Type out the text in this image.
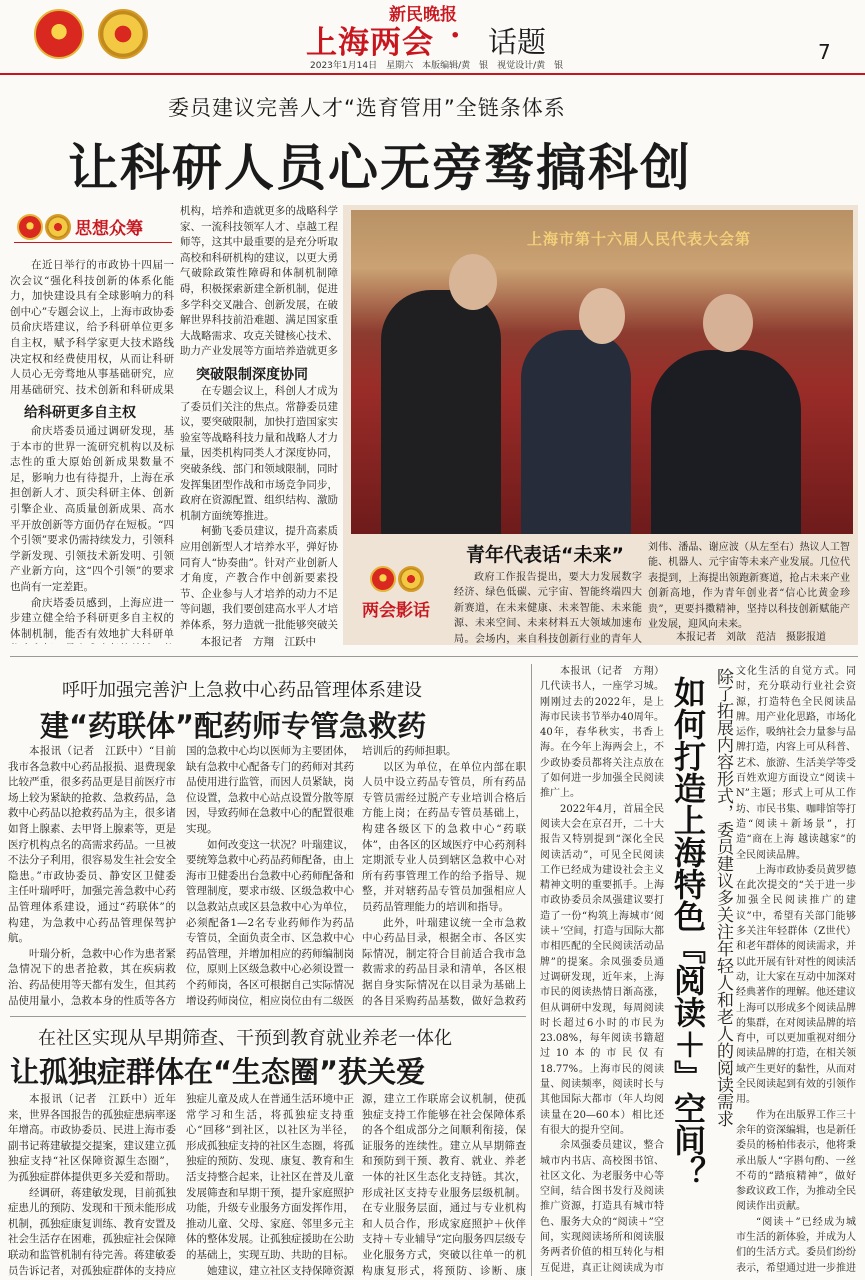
新民晚报
上海两会 · 话题	7
2023年1月14日　星期六　本版编辑/黄　银　视觉设计/黄　银
委员建议完善人才“选育管用”全链条体系
让科研人员心无旁骛搞科创
思想众筹

在近日举行的市政协十四届一次会议“强化科技创新的体系化能力，加快建设具有全球影响力的科创中心”专题会议上，上海市政协委员俞庆塔建议，给予科研单位更多自主权，赋予科学家更大技术路线决定权和经费使用权，从而让科研人员心无旁骛地从事基础研究，应用基础研究、技术创新和科研成果

给科研更多自主权

俞庆塔委员通过调研发现，基于本市的世界一流研究机构以及标志性的重大原始创新成果数量不足，影响力也有待提升，上海在承担创新人才、顶尖科研主体、创新引擎企业、高质量创新成果、高水平开放创新等方面仍存在短板。“四个引领”要求仍需持续发力，引领科学新发现、引领技术新发明、引领产业新方向，这“四个引领”的要求也尚有一定差距。

俞庆塔委员感到，上海应进一步建立健全给予科研更多自主权的体制机制，能否有效地扩大科研单

机构，培养和造就更多的战略科学家、一流科技领军人才、卓越工程师等，这其中最重要的是充分听取高校和科研机构的建议，以更大勇气破除政策性障碍和体制机制障碍，积极探索新建全新机制，促进多学科交叉融合、创新发展，在破解世界科技前沿难题、满足国家重大战略需求、攻克关键核心技术、助力产业发展等方面培养造就更多

突破限制深度协同

在专题会议上，科创人才成为了委员们关注的焦点。常静委员建议，要突破限制，加快打造国家实验室等战略科技力量和战略人才力量，因类机构同类人才深度协同，突破条线、部门和领域限制，同时发挥集团型作战和市场竞争同步，政府在资源配置、组织结构、激励机制方面统筹推进。

柯勤飞委员建议，提升高素质应用创新型人才培养水平，弹好协同育人“协奏曲”。针对产业创新人才角度，产教合作中创新要素投节、企业参与人才培养的动力不足等问题，我们要创建高水平人才培养体系，努力造就一批能够突破关

本报记者　方翔　江跃中
上海市第十六届人民代表大会第
青年代表话“未来”
两会影话
政府工作报告提出，要大力发展数字经济、绿色低碳、元宇宙、智能终端四大新赛道，在未来健康、未来智能、未来能源、未来空间、未来材料五大领域加速布局。会场内，来自科技创新行业的青年人
刘伟、潘晶、谢应波（从左至右）热议人工智能、机器人、元宇宙等未来产业发展。几位代表提到，上海提出领跑新赛道，抢占未来产业创新高地，作为青年创业者“信心比黄金珍贵”，更要抖擞精神，坚持以科技创新赋能产业发展，迎风向未来。
本报记者　刘歆　范洁　摄影报道
呼吁加强完善沪上急救中心药品管理体系建设
建“药联体”配药师专管急救药

本报讯（记者　江跃中）“目前我市各急救中心药品报损、退费现象比较严重，很多药品更是目前医疗市场上较为紧缺的抢救、急救药品，急救中心药品以抢救药品为主，很多诸如肾上腺素、去甲肾上腺素等，更是医疗机构点名的高需求药品。一旦被不法分子利用，很容易发生社会安全隐患。”市政协委员、静安区卫健委主任叶瑞呼吁，加强完善急救中心药品管理体系建设，通过“药联体”的构建，为急救中心药品管理保驾护航。

叶瑞分析，急救中心作为患者紧急情况下的患者抢救，其在疾病救治、药品使用等天都有发生，但其药品使用量小，急救本身的性质等各方

国的急救中心均以医师为主要团体，缺有急救中心配备专门的药师对其药品使用进行监管，而因人员紧缺，岗位设置，急救中心站点设置分散等原因，导致药师在急救中心的配置很难实现。

如何改变这一状况？叶瑞建议，要统筹急救中心药品药师配备，由上海市卫健委出台急救中心药师配备和管理制度，要求市级、区级急救中心以急救站点或区县急救中心为单位，必须配备1—2名专业药师作为药品专管员，全面负责全市、区急救中心药品管理，并增加相应的药师编制岗位，原则上区级急救中心必须设置一个药师岗，各区可根据自己实际情况增设药师岗位，相应岗位由有二级医

培训后的药师担职。

以区为单位，在单位内部在职人员中设立药品专管员，所有药品专管员需经过脱产专业培训合格后方能上岗；在药品专管员基础上，构建各级区下的急救中心“药联体”，由各区的区域医疗中心药剂科定期派专业人员到辖区急救中心对所有药事管理工作的给予指导、规整，并对辖药品专管员加强相应人员药品管理能力的培训和指导。

此外，叶瑞建议统一全市急救中心药品目录，根据全市、各区实际情况，制定符合目前适合我市急救需求的药品目录和清单，各区根据自身实际情况在以目录为基础上的各目采购药品基数，做好急救药

在社区实现从早期筛查、干预到教育就业养老一体化
让孤独症群体在“生态圈”获关爱

本报讯（记者　江跃中）近年来，世界各国报告的孤独症患病率逐年增高。市政协委员、民进上海市委副书记蒋建敏提交提案，建议建立孤独症支持“社区保障资源生态圈”，为孤独症群体提供更多关爱和帮助。

经调研，蒋建敏发现，目前孤独症患儿的预防、发现和干预未能形成机制，孤独症康复训练、教育安置及社会生活存在困难，孤独症社会保障联动和监管机制有待完善。蒋建敏委员告诉记者，对孤独症群体的支持应

独症儿童及成人在普通生活环境中正常学习和生活，将孤独症支持重心“回移”到社区，以社区为半径，形成孤独症支持的社区生态圈，将孤独症的预防、发现、康复、教育和生活支持整合起来，让社区在普及儿童发展筛查和早期干预，提升家庭照护功能，升级专业服务方面发挥作用，推动儿童、父母、家庭、邻里多元主体的整体发展。让孤独症援助在公助的基础上，实现互助、共助的目标。

她建议，建立社区支持保障资源

源，建立工作联席会议机制，使孤独症支持工作能够在社会保障体系的各个组成部分之间顺利衔接，保证服务的连续性。建立从早期筛查和预防到干预、教育、就业、养老一体的社区生态化支持链。其次，形成社区支持专业服务层级机制。在专业服务层面，通过与专业机构和人员合作，形成家庭照护＋伙伴支持＋专业辅导“定向服务四层级专业化服务方式，突破以往单一的机构康复形式，将预防、诊断、康

本报讯（记者　方翔）几代读书人，一座学习城。刚刚过去的2022年，是上海市民读书节举办40周年。40年，春华秋实，书香上海。在今年上海两会上，不少政协委员都将关注点放在了如何进一步加强全民阅读推广上。

2022年4月，首届全民阅读大会在京召开，二十大报告又特别提到“深化全民阅读活动”，可见全民阅读工作已经成为建设社会主义精神文明的重要抓手。上海市政协委员余凤强建议要打造了一份“构筑上海城市‘阅读＋’空间，打造与国际大都市相匹配的全民阅读活动品牌”的提案。余凤强委员通过调研发现，近年来，上海市民的阅读热情日渐高涨，但从调研中发现，每周阅读时长超过6小时的市民为23.08%，每年阅读书籍超过10本的市民仅有18.77%。上海市民的阅读量、阅读频率，阅读时长与其他国际大都市（年人均阅读量在20—60本）相比还有很大的提升空间。

余凤强委员建议，整合城市内书店、高校图书馆、社区文化、为老服务中心等空间，结合图书发行及阅读推广资源，打造具有城市特色、服务大众的“阅读＋”空间，实现阅读场所和阅读服务两者价值的相互转化与相互促进，真正让阅读成为市

如何打造上海特色『阅读＋』空间？ 除了拓展内容形式，委员建议多关注年轻人和老人的阅读需求 文化生活的自觉方式。同时，充分联动行业社会资源，打造特色全民阅读品牌。用产业化思路，市场化运作，吸纳社会力量参与品牌打造，内容上可从科普、艺术、旅游、生活美学等受百姓欢迎方面设立“阅读＋N”主题；形式上可从工作坊、市民书集、咖啡馆等打造“阅读＋新场景”，打造“商在上海 越读越家”的全民阅读品牌。

上海市政协委员黄罗德在此次提交的“关于进一步加强全民阅读推广的建议”中，希望有关部门能够多关注年轻群体（Z世代）和老年群体的阅读需求，并以此开展有针对性的阅读活动，让大家在互动中加深对经典著作的理解。他还建议上海可以形成多个阅读品牌的集群，在对阅读品牌的培育中，可以更加重视对细分阅读品牌的打造，在相关领域产生更好的黏性，从而对全民阅读起到有效的引领作用。

作为在出版界工作三十余年的资深编辑，也是新任委员的杨柏伟表示，他将秉承出版人“字斟句酌、一丝不苟的“踏痕精神”，做好参政议政工作，为推动全民阅读作出贡献。

“阅读＋”已经成为城市生活的新体验，并成为人们的生活方式。委员们纷纷表示，希望通过进一步推进
